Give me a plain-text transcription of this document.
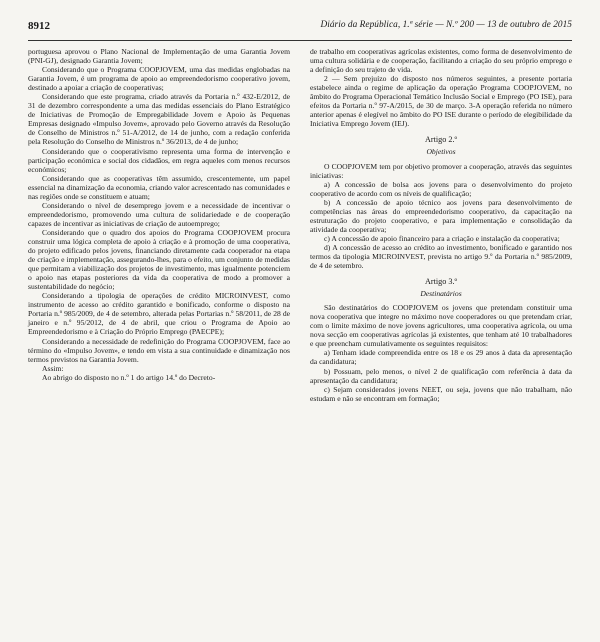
8912	Diário da República, 1.ª série — N.º 200 — 13 de outubro de 2015

portuguesa aprovou o Plano Nacional de Implementação de uma Garantia Jovem (PNI-GJ), designado Garantia Jovem;

Considerando que o Programa COOPJOVEM, uma das medidas englobadas na Garantia Jovem, é um programa de apoio ao empreendedorismo cooperativo jovem, destinado a apoiar a criação de cooperativas;

Considerando que este programa, criado através da Portaria n.º 432-E/2012, de 31 de dezembro correspondente a uma das medidas essenciais do Plano Estratégico de Iniciativas de Promoção de Empregabilidade Jovem e Apoio às Pequenas Empresas designado «Impulso Jovem», aprovado pelo Governo através da Resolução de Conselho de Ministros n.º 51-A/2012, de 14 de junho, com a redação conferida pela Resolução do Conselho de Ministros n.º 36/2013, de 4 de junho;

Considerando que o cooperativismo representa uma forma de intervenção e participação económica e social dos cidadãos, em regra aqueles com menos recursos económicos;

Considerando que as cooperativas têm assumido, crescentemente, um papel essencial na dinamização da economia, criando valor acrescentado nas comunidades e nas regiões onde se constituem e atuam;

Considerando o nível de desemprego jovem e a necessidade de incentivar o empreendedorismo, promovendo uma cultura de solidariedade e de cooperação capazes de incentivar as iniciativas de criação de autoemprego;

Considerando que o quadro dos apoios do Programa COOPJOVEM procura construir uma lógica completa de apoio à criação e à promoção de uma cooperativa, do projeto edificado pelos jovens, financiando diretamente cada cooperador na etapa de criação e implementação, assegurando-lhes, para o efeito, um conjunto de medidas que permitam a viabilização dos projetos de investimento, mas igualmente potenciem o apoio nas etapas posteriores da vida da cooperativa de modo a promover a sustentabilidade do negócio;

Considerando a tipologia de operações de crédito MICROINVEST, como instrumento de acesso ao crédito garantido e bonificado, conforme o disposto na Portaria n.º 985/2009, de 4 de setembro, alterada pelas Portarias n.º 58/2011, de 28 de janeiro e n.º 95/2012, de 4 de abril, que criou o Programa de Apoio ao Empreendedorismo e à Criação do Próprio Emprego (PAECPE);

Considerando a necessidade de redefinição do Programa COOPJOVEM, face ao término do «Impulso Jovem», e tendo em vista a sua continuidade e dinamização nos termos previstos na Garantia Jovem.

Assim:

Ao abrigo do disposto no n.º 1 do artigo 14.º do Decreto-

de trabalho em cooperativas agrícolas existentes, como forma de desenvolvimento de uma cultura solidária e de cooperação, facilitando a criação do seu próprio emprego e a definição do seu trajeto de vida.

2 — Sem prejuízo do disposto nos números seguintes, a presente portaria estabelece ainda o regime de aplicação da operação Programa COOPJOVEM, no âmbito do Programa Operacional Temático Inclusão Social e Emprego (PO ISE), para efeitos da Portaria n.º 97-A/2015, de 30 de março. 3-A operação referida no número anterior apenas é elegível no âmbito do PO ISE durante o período de elegibilidade da Iniciativa Emprego Jovem (IEJ).

Artigo 2.º
Objetivos

O COOPJOVEM tem por objetivo promover a cooperação, através das seguintes iniciativas:

a) A concessão de bolsa aos jovens para o desenvolvimento do projeto cooperativo de acordo com os níveis de qualificação;

b) A concessão de apoio técnico aos jovens para desenvolvimento de competências nas áreas do empreendedorismo cooperativo, da capacitação na estruturação do projeto cooperativo, e para implementação e consolidação da atividade da cooperativa;

c) A concessão de apoio financeiro para a criação e instalação da cooperativa;

d) A concessão de acesso ao crédito ao investimento, bonificado e garantido nos termos da tipologia MICROINVEST, prevista no artigo 9.º da Portaria n.º 985/2009, de 4 de setembro.

Artigo 3.º
Destinatários

São destinatários do COOPJOVEM os jovens que pretendam constituir uma nova cooperativa que integre no máximo nove cooperadores ou que pretendam criar, com o limite máximo de nove jovens agricultores, uma cooperativa agrícola, ou uma nova secção em cooperativas agrícolas já existentes, que tenham até 10 trabalhadores e que preencham cumulativamente os seguintes requisitos:

a) Tenham idade compreendida entre os 18 e os 29 anos à data da apresentação da candidatura;

b) Possuam, pelo menos, o nível 2 de qualificação com referência à data da apresentação da candidatura;

c) Sejam considerados jovens NEET, ou seja, jovens que não trabalham, não estudam e não se encontram em formação;
